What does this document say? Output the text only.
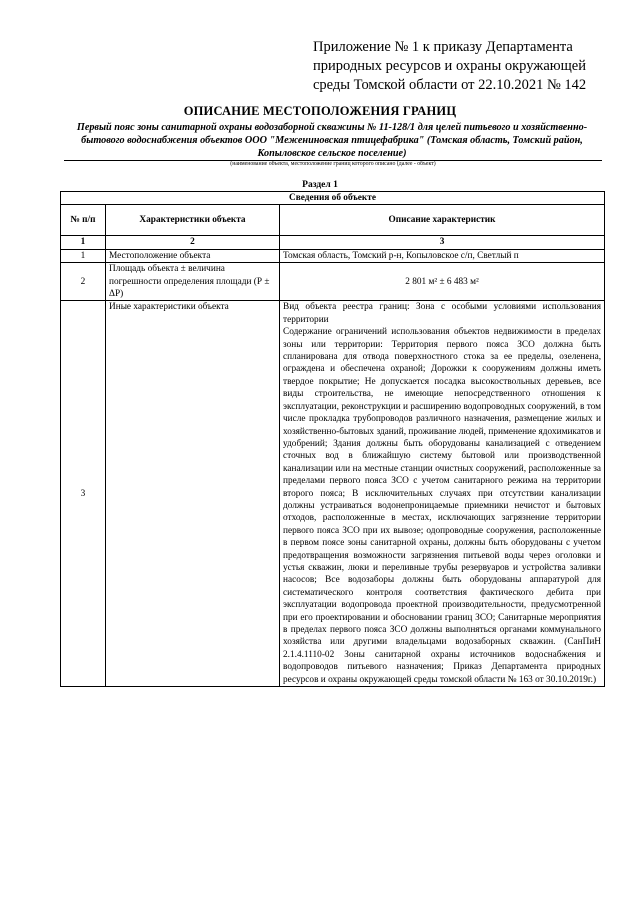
Приложение № 1 к приказу Департамента
природных ресурсов и охраны окружающей
среды Томской области от 22.10.2021 № 142
ОПИСАНИЕ МЕСТОПОЛОЖЕНИЯ ГРАНИЦ
Первый пояс зоны санитарной охраны водозаборной скважины № 11-128/1 для целей питьевого и хозяйственно-бытового водоснабжения объектов ООО "Межениновская птицефабрика" (Томская область, Томский район, Копыловское сельское поселение)
(наименование объекта, местоположение границ которого описано (далее - объект)
Раздел 1
Сведения об объекте		
№ п/п	Характеристики объекта	Описание характеристик
1	2	3
1	Местоположение объекта	Томская область, Томский р-н, Копыловское с/п, Светлый п
2	Площадь объекта ± величина погрешности определения площади (Р ± ΔР)	2 801 м² ± 6 483 м²
3	Иные характеристики объекта	Вид объекта реестра границ: Зона с особыми условиями использования территории
Содержание ограничений использования объектов недвижимости в пределах зоны или территории: Территория первого пояса ЗСО должна быть спланирована для отвода поверхностного стока за ее пределы, озеленена, ограждена и обеспечена охраной; Дорожки к сооружениям должны иметь твердое покрытие; Не допускается посадка высокоствольных деревьев, все виды строительства, не имеющие непосредственного отношения к эксплуатации, реконструкции и расширению водопроводных сооружений, в том числе прокладка трубопроводов различного назначения, размещение жилых и хозяйственно-бытовых зданий, проживание людей, применение ядохимикатов и удобрений; Здания должны быть оборудованы канализацией с отведением сточных вод в ближайшую систему бытовой или производственной канализации или на местные станции очистных сооружений, расположенные за пределами первого пояса ЗСО с учетом санитарного режима на территории второго пояса; В исключительных случаях при отсутствии канализации должны устраиваться водонепроницаемые приемники нечистот и бытовых отходов, расположенные в местах, исключающих загрязнение территории первого пояса ЗСО при их вывозе; одопроводные сооружения, расположенные в первом поясе зоны санитарной охраны, должны быть оборудованы с учетом предотвращения возможности загрязнения питьевой воды через оголовки и устья скважин, люки и переливные трубы резервуаров и устройства заливки насосов; Все водозаборы должны быть оборудованы аппаратурой для систематического контроля соответствия фактического дебита при эксплуатации водопровода проектной производительности, предусмотренной при его проектировании и обосновании границ ЗСО; Санитарные мероприятия в пределах первого пояса ЗСО должны выполняться органами коммунального хозяйства или другими владельцами водозаборных скважин. (СанПиН 2.1.4.1110-02 Зоны санитарной охраны источников водоснабжения и водопроводов питьевого назначения; Приказ Департамента природных ресурсов и охраны окружающей среды томской области № 163 от 30.10.2019г.)
